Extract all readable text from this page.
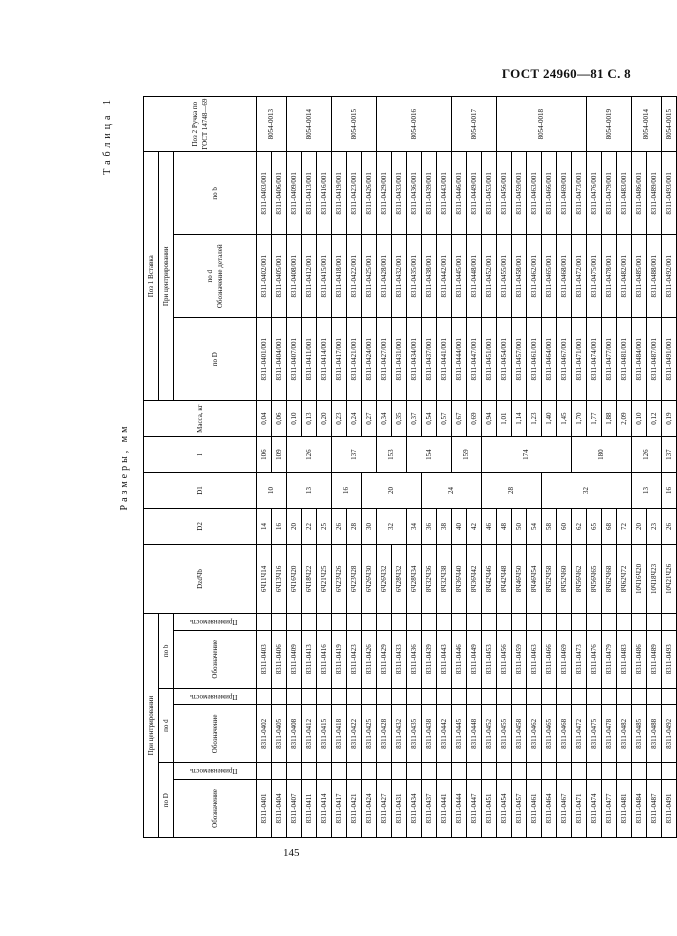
ГОСТ 24960—81 С. 8
Таблица 1
Размеры, мм
При центрировании						DzdЧb	D2	D1	l	Масса, кг	Поз 1 Вставка			Поз 2 Ручка по ГОСТ 14748—69
по D		по d		по b							При центрировании			
Обозначение	Применяемость	Обозначение	Применяемость	Обозначение	Применяемость						по D	по d Обозначение деталей	по b	
8311-0401		8311-0402		8311-0403		6Ч11Ч14	14	10	106	0,04	8311-0401/001	8311-0402/001	8311-0403/001	8054-0013
8311-0404		8311-0405		8311-0406		6Ч13Ч16	16		109	0,06	8311-0404/001	8311-0405/001	8311-0406/001	
8311-0407		8311-0408		8311-0409		6Ч16Ч20	20	13	126	0,10	8311-0407/001	8311-0408/001	8311-0409/001	8054-0014
8311-0411		8311-0412		8311-0413		6Ч18Ч22	22			0,13	8311-0411/001	8311-0412/001	8311-0413/001	
8311-0414		8311-0415		8311-0416		6Ч21Ч25	25			0,20	8311-0414/001	8311-0415/001	8311-0416/001	
8311-0417		8311-0418		8311-0419		6Ч23Ч26	26	16	137	0,23	8311-0417/001	8311-0418/001	8311-0419/001	8054-0015
8311-0421		8311-0422		8311-0423		6Ч23Ч28	28			0,24	8311-0421/001	8311-0422/001	8311-0423/001	
8311-0424		8311-0425		8311-0426		6Ч26Ч30	30	20		0,27	8311-0424/001	8311-0425/001	8311-0426/001	
8311-0427		8311-0428		8311-0429		6Ч26Ч32	32		153	0,34	8311-0427/001	8311-0428/001	8311-0429/001	8054-0016
8311-0431		8311-0432		8311-0433		6Ч28Ч32				0,35	8311-0431/001	8311-0432/001	8311-0433/001	
8311-0434		8311-0435		8311-0436		6Ч28Ч34	34		154	0,37	8311-0434/001	8311-0435/001	8311-0436/001	
8311-0437		8311-0438		8311-0439		8Ч32Ч36	36	24		0,54	8311-0437/001	8311-0438/001	8311-0439/001	
8311-0441		8311-0442		8311-0443		8Ч32Ч38	38			0,57	8311-0441/001	8311-0442/001	8311-0443/001	
8311-0444		8311-0445		8311-0446		8Ч36Ч40	40		159	0,67	8311-0444/001	8311-0445/001	8311-0446/001	8054-0017
8311-0447		8311-0448		8311-0449		8Ч36Ч42	42			0,69	8311-0447/001	8311-0448/001	8311-0449/001	
8311-0451		8311-0452		8311-0453		8Ч42Ч46	46	28	174	0,94	8311-0451/001	8311-0452/001	8311-0453/001	
8311-0454		8311-0455		8311-0456		8Ч42Ч48	48			1,01	8311-0454/001	8311-0455/001	8311-0456/001	8054-0018
8311-0457		8311-0458		8311-0459		8Ч46Ч50	50			1,14	8311-0457/001	8311-0458/001	8311-0459/001	
8311-0461		8311-0462		8311-0463		8Ч46Ч54	54			1,23	8311-0461/001	8311-0462/001	8311-0463/001	
8311-0464		8311-0465		8311-0466		8Ч52Ч58	58	32		1,40	8311-0464/001	8311-0465/001	8311-0466/001	
8311-0467		8311-0468		8311-0469		8Ч52Ч60	60			1,45	8311-0467/001	8311-0468/001	8311-0469/001	
8311-0471		8311-0472		8311-0473		8Ч56Ч62	62		180	1,70	8311-0471/001	8311-0472/001	8311-0473/001	
8311-0474		8311-0475		8311-0476		8Ч56Ч65	65			1,77	8311-0474/001	8311-0475/001	8311-0476/001	8054-0019
8311-0477		8311-0478		8311-0479		8Ч62Ч68	68			1,88	8311-0477/001	8311-0478/001	8311-0479/001	
8311-0481		8311-0482		8311-0483		8Ч62Ч72	72			2,09	8311-0481/001	8311-0482/001	8311-0483/001	
8311-0484		8311-0485		8311-0486		10Ч16Ч20	20	13	126	0,10	8311-0484/001	8311-0485/001	8311-0486/001	8054-0014
8311-0487		8311-0488		8311-0489		10Ч18Ч23	23			0,12	8311-0487/001	8311-0488/001	8311-0489/001	
8311-0491		8311-0492		8311-0493		10Ч21Ч26	26	16	137	0,19	8311-0491/001	8311-0492/001	8311-0493/001	8054-0015
145
